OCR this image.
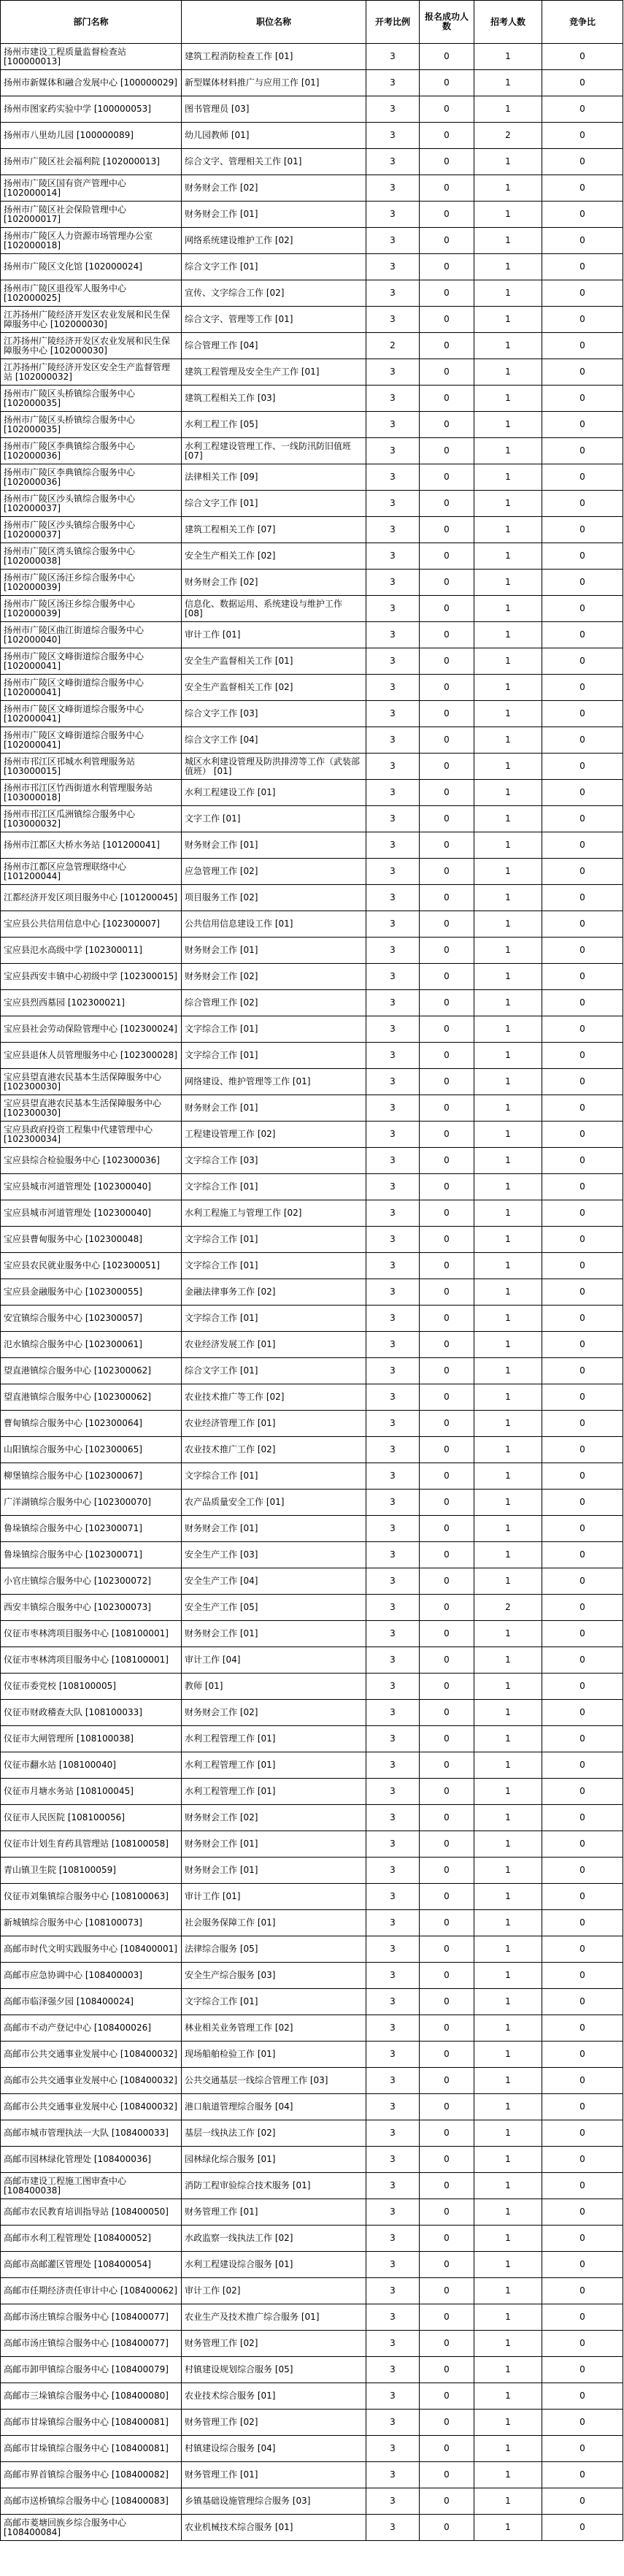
部门名称	职位名称	开考比例	报名成功人数	招考人数	竞争比
扬州市建设工程质量监督检查站 [100000013]	建筑工程消防检查工作 [01]	3	0	1	0
扬州市新媒体和融合发展中心 [100000029]	新型媒体材料推广与应用工作 [01]	3	0	1	0
扬州市图家药实验中学 [100000053]	图书管理员 [03]	3	0	1	0
扬州市八里幼儿园 [100000089]	幼儿园教师 [01]	3	0	2	0
扬州市广陵区社会福利院 [102000013]	综合文字、管理相关工作 [01]	3	0	1	0
扬州市广陵区国有资产管理中心 [102000014]	财务财会工作 [02]	3	0	1	0
扬州市广陵区社会保险管理中心 [102000017]	财务财会工作 [01]	3	0	1	0
扬州市广陵区人力资源市场管理办公室 [102000018]	网络系统建设维护工作 [02]	3	0	1	0
扬州市广陵区文化馆 [102000024]	综合文字工作 [01]	3	0	1	0
扬州市广陵区退役军人服务中心 [102000025]	宣传、文字综合工作 [02]	3	0	1	0
江苏扬州广陵经济开发区农业发展和民生保障服务中心 [102000030]	综合文字、管理等工作 [01]	3	0	1	0
江苏扬州广陵经济开发区农业发展和民生保障服务中心 [102000030]	综合管理工作 [04]	2	0	1	0
江苏扬州广陵经济开发区安全生产监督管理站 [102000032]	建筑工程管理及安全生产工作 [01]	3	0	1	0
扬州市广陵区头桥镇综合服务中心 [102000035]	建筑工程相关工作 [03]	3	0	1	0
扬州市广陵区头桥镇综合服务中心 [102000035]	水利工程工作 [05]	3	0	1	0
扬州市广陵区李典镇综合服务中心 [102000036]	水利工程建设管理工作、一线防汛防旧值班 [07]	3	0	1	0
扬州市广陵区李典镇综合服务中心 [102000036]	法律相关工作 [09]	3	0	1	0
扬州市广陵区沙头镇综合服务中心 [102000037]	综合文字工作 [01]	3	0	1	0
扬州市广陵区沙头镇综合服务中心 [102000037]	建筑工程相关工作 [07]	3	0	1	0
扬州市广陵区湾头镇综合服务中心 [102000038]	安全生产相关工作 [02]	3	0	1	0
扬州市广陵区汤汪乡综合服务中心 [102000039]	财务财会工作 [02]	3	0	1	0
扬州市广陵区汤汪乡综合服务中心 [102000039]	信息化、数据运用、系统建设与维护工作 [08]	3	0	1	0
扬州市广陵区曲江街道综合服务中心 [102000040]	审计工作 [01]	3	0	1	0
扬州市广陵区文峰街道综合服务中心 [102000041]	安全生产监督相关工作 [01]	3	0	1	0
扬州市广陵区文峰街道综合服务中心 [102000041]	安全生产监督相关工作 [02]	3	0	1	0
扬州市广陵区文峰街道综合服务中心 [102000041]	综合文字工作 [03]	3	0	1	0
扬州市广陵区文峰街道综合服务中心 [102000041]	综合文字工作 [04]	3	0	1	0
扬州市邗江区邗城水利管理服务站 [103000015]	城区水利建设管理及防洪排涝等工作（武装部值班） [01]	3	0	1	0
扬州市邗江区竹西街道水利管理服务站 [103000018]	水利工程建设工作 [01]	3	0	1	0
扬州市邗江区瓜洲镇综合服务中心 [103000032]	文字工作 [01]	3	0	1	0
扬州市江都区大桥水务站 [101200041]	财务财会工作 [01]	3	0	1	0
扬州市江都区应急管理联络中心 [101200044]	应急管理工作 [02]	3	0	1	0
江都经济开发区项目服务中心 [101200045]	项目服务工作 [02]	3	0	1	0
宝应县公共信用信息中心 [102300007]	公共信用信息建设工作 [01]	3	0	1	0
宝应县氾水高级中学 [102300011]	财务财会工作 [01]	3	0	1	0
宝应县西安丰镇中心初级中学 [102300015]	财务财会工作 [02]	3	0	1	0
宝应县烈西墓园 [102300021]	综合管理工作 [02]	3	0	1	0
宝应县社会劳动保险管理中心 [102300024]	文字综合工作 [01]	3	0	1	0
宝应县退休人员管理服务中心 [102300028]	文字综合工作 [01]	3	0	1	0
宝应县望直港农民基本生活保障服务中心 [102300030]	网络建设、维护管理等工作 [01]	3	0	1	0
宝应县望直港农民基本生活保障服务中心 [102300030]	财务财会工作 [01]	3	0	1	0
宝应县政府投资工程集中代建管理中心 [102300034]	工程建设管理工作 [02]	3	0	1	0
宝应县综合检验服务中心 [102300036]	文字综合工作 [03]	3	0	1	0
宝应县城市河道管理处 [102300040]	文字综合工作 [01]	3	0	1	0
宝应县城市河道管理处 [102300040]	水利工程施工与管理工作 [02]	3	0	1	0
宝应县曹甸服务中心 [102300048]	文字综合工作 [01]	3	0	1	0
宝应县农民就业服务中心 [102300051]	文字综合工作 [01]	3	0	1	0
宝应县金融服务中心 [102300055]	金融法律事务工作 [02]	3	0	1	0
安宜镇综合服务中心 [102300057]	文字综合工作 [01]	3	0	1	0
氾水镇综合服务中心 [102300061]	农业经济发展工作 [01]	3	0	1	0
望直港镇综合服务中心 [102300062]	综合文字工作 [01]	3	0	1	0
望直港镇综合服务中心 [102300062]	农业技术推广等工作 [02]	3	0	1	0
曹甸镇综合服务中心 [102300064]	农业经济管理工作 [01]	3	0	1	0
山阳镇综合服务中心 [102300065]	农业技术推广工作 [02]	3	0	1	0
柳堡镇综合服务中心 [102300067]	文字综合工作 [01]	3	0	1	0
广洋湖镇综合服务中心 [102300070]	农产品质量安全工作 [01]	3	0	1	0
鲁垛镇综合服务中心 [102300071]	财务财会工作 [01]	3	0	1	0
鲁垛镇综合服务中心 [102300071]	安全生产工作 [03]	3	0	1	0
小官庄镇综合服务中心 [102300072]	安全生产工作 [04]	3	0	1	0
西安丰镇综合服务中心 [102300073]	安全生产工作 [05]	3	0	2	0
仪征市枣林湾项目服务中心 [108100001]	财务财会工作 [01]	3	0	1	0
仪征市枣林湾项目服务中心 [108100001]	审计工作 [04]	3	0	1	0
仪征市委党校 [108100005]	教师 [01]	3	0	1	0
仪征市财政稽查大队 [108100033]	财务财会工作 [02]	3	0	1	0
仪征市大闸管理所 [108100038]	水利工程管理工作 [01]	3	0	1	0
仪征市翻水站 [108100040]	水利工程管理工作 [01]	3	0	1	0
仪征市月塘水务站 [108100045]	水利工程管理工作 [01]	3	0	1	0
仪征市人民医院 [108100056]	财务财会工作 [02]	3	0	1	0
仪征市计划生育药具管理站 [108100058]	财务财会工作 [01]	3	0	1	0
青山镇卫生院 [108100059]	财务财会工作 [01]	3	0	1	0
仪征市刘集镇综合服务中心 [108100063]	审计工作 [01]	3	0	1	0
新城镇综合服务中心 [108100073]	社会服务保障工作 [01]	3	0	1	0
高邮市时代文明实践服务中心 [108400001]	法律综合服务 [05]	3	0	1	0
高邮市应急协调中心 [108400003]	安全生产综合服务 [03]	3	0	1	0
高邮市临泽强夕园 [108400024]	文字综合工作 [01]	3	0	1	0
高邮市不动产登记中心 [108400026]	林业相关业务管理工作 [02]	3	0	1	0
高邮市公共交通事业发展中心 [108400032]	现场船舶检验工作 [01]	3	0	1	0
高邮市公共交通事业发展中心 [108400032]	公共交通基层一线综合管理工作 [03]	3	0	1	0
高邮市公共交通事业发展中心 [108400032]	港口航道管理综合服务 [04]	3	0	1	0
高邮市城市管理执法一大队 [108400033]	基层一线执法工作 [02]	3	0	1	0
高邮市园林绿化管理处 [108400036]	园林绿化综合服务 [01]	3	0	1	0
高邮市建设工程施工图审查中心 [108400038]	消防工程审验综合技术服务 [01]	3	0	1	0
高邮市农民教育培训指导站 [108400050]	财务管理工作 [01]	3	0	1	0
高邮市水利工程管理处 [108400052]	水政监察一线执法工作 [02]	3	0	1	0
高邮市高邮灌区管理处 [108400054]	水利工程建设综合服务 [01]	3	0	1	0
高邮市任期经济责任审计中心 [108400062]	审计工作 [02]	3	0	1	0
高邮市汤庄镇综合服务中心 [108400077]	农业生产及技术推广综合服务 [01]	3	0	1	0
高邮市汤庄镇综合服务中心 [108400077]	财务管理工作 [02]	3	0	1	0
高邮市卸甲镇综合服务中心 [108400079]	村镇建设规划综合服务 [05]	3	0	1	0
高邮市三垛镇综合服务中心 [108400080]	农业技术综合服务 [01]	3	0	1	0
高邮市甘垛镇综合服务中心 [108400081]	财务管理工作 [02]	3	0	1	0
高邮市甘垛镇综合服务中心 [108400081]	村镇建设综合服务 [04]	3	0	1	0
高邮市界首镇综合服务中心 [108400082]	财务管理工作 [01]	3	0	1	0
高邮市送桥镇综合服务中心 [108400083]	乡镇基础设施管理综合服务 [03]	3	0	1	0
高邮市菱塘回族乡综合服务中心 [108400084]	农业机械技术综合服务 [01]	3	0	1	0
